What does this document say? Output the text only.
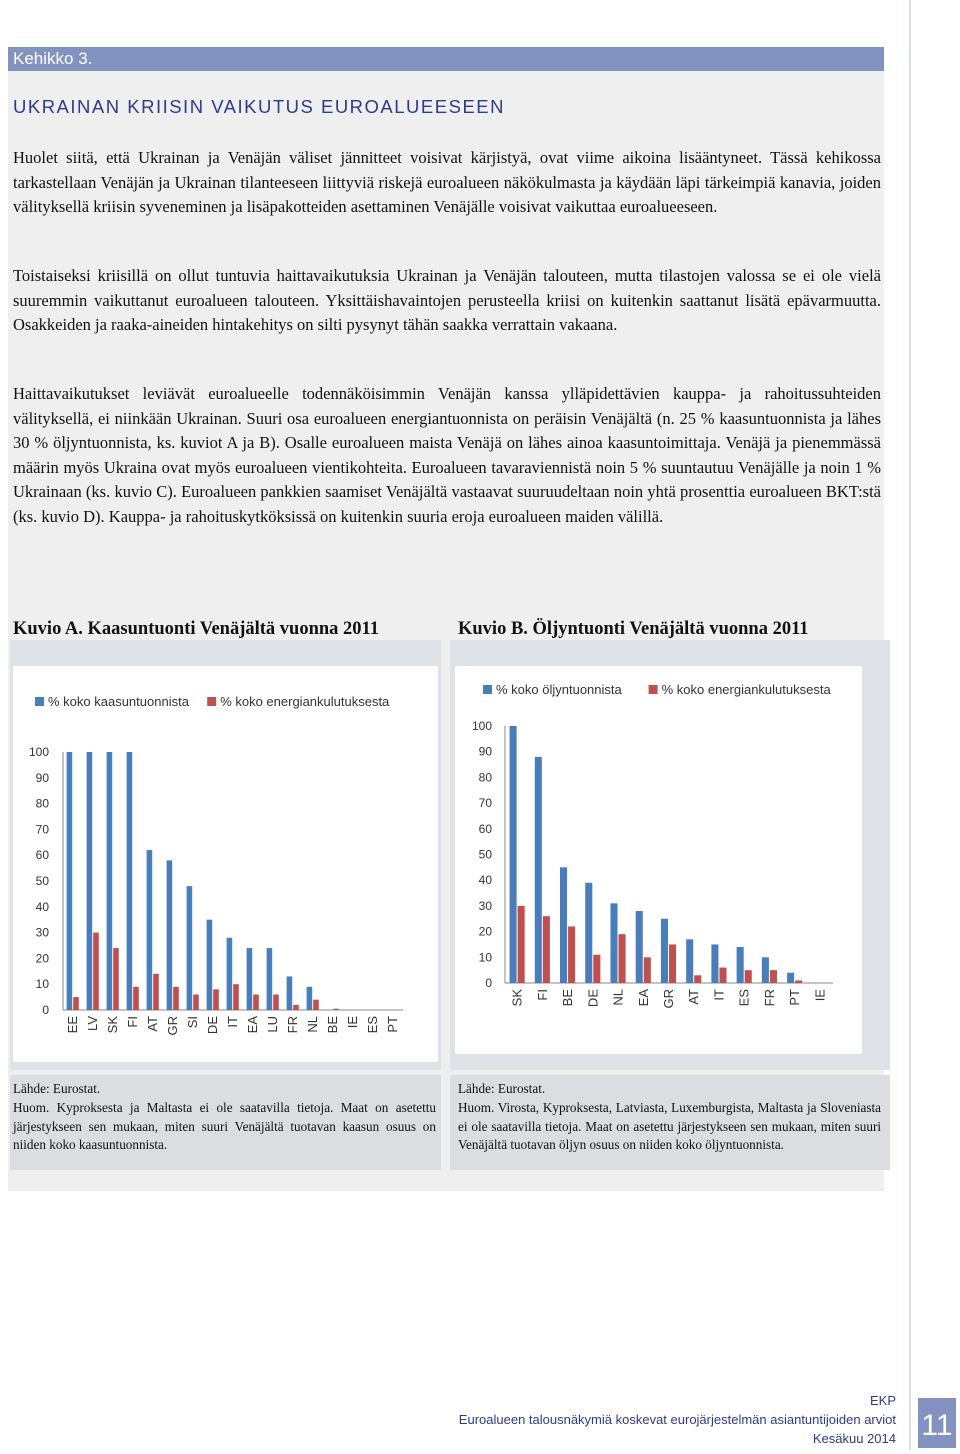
Kehikko 3.
UKRAINAN KRIISIN VAIKUTUS EUROALUEESEEN

Huolet siitä, että Ukrainan ja Venäjän väliset jännitteet voisivat kärjistyä, ovat viime aikoina lisääntyneet. Tässä kehikossa tarkastellaan Venäjän ja Ukrainan tilanteeseen liittyviä riskejä euroalueen näkökulmasta ja käydään läpi tärkeimpiä kanavia, joiden välityksellä kriisin syveneminen ja lisäpakotteiden asettaminen Venäjälle voisivat vaikuttaa euroalueeseen.

Toistaiseksi kriisillä on ollut tuntuvia haittavaikutuksia Ukrainan ja Venäjän talouteen, mutta tilastojen valossa se ei ole vielä suuremmin vaikuttanut euroalueen talouteen. Yksittäishavaintojen perusteella kriisi on kuitenkin saattanut lisätä epävarmuutta. Osakkeiden ja raaka-aineiden hintakehitys on silti pysynyt tähän saakka verrattain vakaana.

Haittavaikutukset leviävät euroalueelle todennäköisimmin Venäjän kanssa ylläpidettävien kauppa- ja rahoitussuhteiden välityksellä, ei niinkään Ukrainan. Suuri osa euroalueen energiantuonnista on peräisin Venäjältä (n. 25 % kaasuntuonnista ja lähes 30 % öljyntuonnista, ks. kuviot A ja B). Osalle euroalueen maista Venäjä on lähes ainoa kaasuntoimittaja. Venäjä ja pienemmässä määrin myös Ukraina ovat myös euroalueen vientikohteita. Euroalueen tavaraviennistä noin 5 % suuntautuu Venäjälle ja noin 1 % Ukrainaan (ks. kuvio C). Euroalueen pankkien saamiset Venäjältä vastaavat suuruudeltaan noin yhtä prosenttia euroalueen BKT:stä (ks. kuvio D). Kauppa- ja rahoituskytköksissä on kuitenkin suuria eroja euroalueen maiden välillä.

Kuvio A. Kaasuntuonti Venäjältä vuonna 2011	Kuvio B. Öljyntuonti Venäjältä vuonna 2011
% koko kaasuntuonnista % koko energiankulutuksesta
0
10
20
30
40
50
60
70
80
90
100
EE LV SK FI AT GR SI DE IT EA LU FR NL BE IE ES PT
% koko öljyntuonnista	% koko energiankulutuksesta
0
10
20
30
40
50
60
70
80
90
100
SK FI BE DE NL EA GR AT IT ES FR PT IE

Lähde: Eurostat.

Huom. Kyproksesta ja Maltasta ei ole saatavilla tietoja. Maat on asetettu järjestykseen sen mukaan, miten suuri Venäjältä tuotavan kaasun osuus on niiden koko kaasuntuonnista.

Lähde: Eurostat.

Huom. Virosta, Kyproksesta, Latviasta, Luxemburgista, Maltasta ja Sloveniasta ei ole saatavilla tietoja. Maat on asetettu järjestykseen sen mukaan, miten suuri Venäjältä tuotavan öljyn osuus on niiden koko öljyntuonnista.

EKP
Euroalueen talousnäkymiä koskevat eurojärjestelmän asiantuntijoiden arviot
Kesäkuu 2014 11
